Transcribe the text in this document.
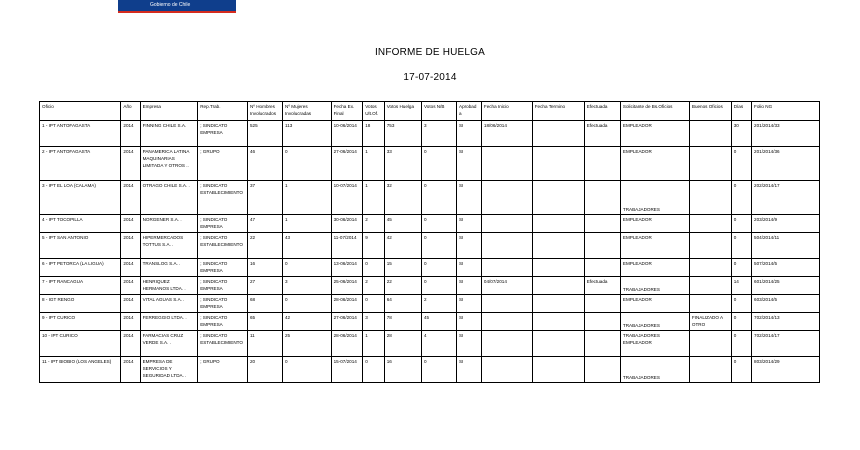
Gobierno de Chile
INFORME DE HUELGA
17-07-2014
Oficio	Año	Empresa	Rep.Trab.	Nº Hombres Involucrados	Nº Mujeres Involucradas	Fecha Ex. Final	Votos Ult.Of.	Votos Huelga	Votos N/B	Aprobada	Fecha Inicio	Fecha Termino	Efectuada	Solicitante de Bs.Oficios	Buenos Oficios	Días	Folio NG
1 - IPT ANTOFAGASTA	2014	FINNING CHILE S.A.	; SINDICATO EMPRESA	525	113	10-06/2014	18	753	3	SI	18/06/2014		Efectuada	EMPLEADOR		30	201/2014/33
2 - IPT ANTOFAGASTA	2014	PANAMERICA LATINA MAQUINARIAS LIMITADA Y OTROS ..	; GRUPO	46	0	27-06/2014	1	33	0	SI				EMPLEADOR		0	201/2014/36
3 - IPT EL LOA (CALAMA)	2014	OTRAGO CHILE S.A. .	; SINDICATO ESTABLECIMIENTO	37	1	10-07/2014	1	32	0	SI				TRABAJADORES		0	202/2014/17
4 - IPT TOCOPILLA	2014	NORGENER S.A. .	; SINDICATO EMPRESA	47	1	30-06/2014	2	45	0	SI				EMPLEADOR		0	203/2014/9
5 - IPT SAN ANTONIO	2014	HIPERMERCADOS TOTTUS S.A. .	; SINDICATO ESTABLECIMIENTO	22	43	11-07/2014	9	42	0	SI				EMPLEADOR		0	504/2014/11
6 - IPT PETORCA (LA LIGUA)	2014	TRANSLOG S.A. .	; SINDICATO EMPRESA	16	0	13-06/2014	0	15	0	SI				EMPLEADOR		0	507/2014/5
7 - IPT RANCAGUA	2014	HENRIQUEZ HERMANOS LTDA. .	; SINDICATO EMPRESA	27	3	25-06/2014	2	22	0	SI	04/07/2014		Efectuada	TRABAJADORES		14	601/2014/25
8 - IGT RENGO	2014	VITAL AGUAS S.A. .	; SINDICATO EMPRESA	68	0	28-06/2014	0	64	2	SI				EMPLEADOR		0	603/2014/5
9 - IPT CURICO	2014	FERREGGIO LTDA. .	; SINDICATO EMPRESA	65	42	27-06/2014	3	78	45	SI				TRABAJADORES	FINALIZADO A OTRO	0	702/2014/13
10 - IPT CURICO	2014	FARMACIAS CRUZ VERDE S.A. .	; SINDICATO ESTABLECIMIENTO	11	25	28-06/2014	1	28	4	SI				TRABAJADORES EMPLEADOR		0	702/2014/17
11 - IPT BIOBIO (LOS ANGELES)	2014	EMPRESA DE SERVICIOS Y SEGURIDAD LTDA. .	; GRUPO	20	0	15-07/2014	0	16	0	SI				TRABAJADORES		0	803/2014/29
